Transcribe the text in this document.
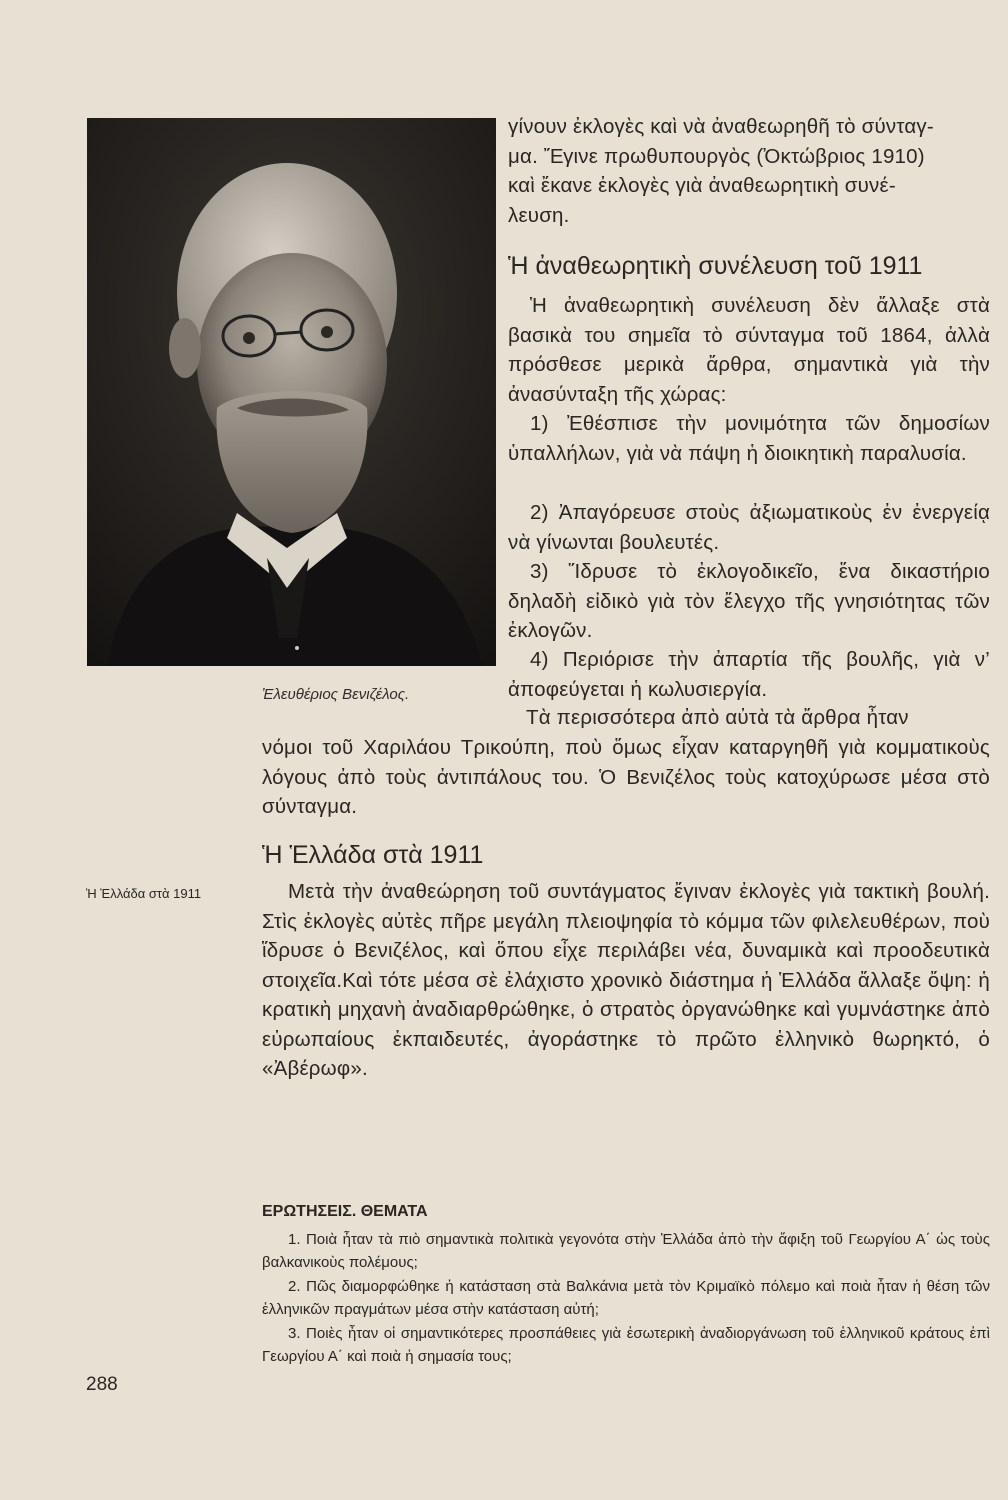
Ἐλευθέριος Βενιζέλος.

γίνουν ἐκλογὲς καὶ νὰ ἀναθεωρηθῆ τὸ σύνταγ-

μα. Ἔγινε πρωθυπουργὸς (Ὀκτώβριος 1910)

καὶ ἔκανε ἐκλογὲς γιὰ ἀναθεωρητικὴ συνέ-

λευση.

Ἡ ἀναθεωρητικὴ συνέλευση τοῦ 1911

Ἡ ἀναθεωρητικὴ συνέλευση δὲν ἄλλαξε στὰ βασικὰ του σημεῖα τὸ σύνταγμα τοῦ 1864, ἀλλὰ πρόσθεσε μερικὰ ἄρθρα, σημαντικὰ γιὰ τὴν ἀνασύνταξη τῆς χώρας:

1) Ἐθέσπισε τὴν μονιμότητα τῶν δημοσίων ὑπαλλήλων, γιὰ νὰ πάψη ἡ διοικητικὴ παραλυσία.

2) Ἀπαγόρευσε στοὺς ἀξιωματικοὺς ἐν ἐνεργείᾳ νὰ γίνωνται βουλευτές.

3) Ἵδρυσε τὸ ἐκλογοδικεῖο, ἕνα δικαστήριο δηλαδὴ εἰδικὸ γιὰ τὸν ἔλεγχο τῆς γνησιότητας τῶν ἐκλογῶν.

4) Περιόρισε τὴν ἀπαρτία τῆς βουλῆς, γιὰ ν’ ἀποφεύγεται ἡ κωλυσιεργία.

Τὰ περισσότερα ἀπὸ αὐτὰ τὰ ἄρθρα ἦταν

νόμοι τοῦ Χαριλάου Τρικούπη, ποὺ ὅμως εἶχαν καταργηθῆ γιὰ κομματικοὺς λόγους ἀπὸ τοὺς ἀντιπάλους του. Ὁ Βενιζέλος τοὺς κατοχύρωσε μέσα στὸ σύνταγμα.

Ἡ Ἑλλάδα στὰ 1911
Ἡ Ἑλλάδα στὰ 1911	Μετὰ τὴν ἀναθεώρηση τοῦ συντάγματος ἔγιναν ἐκλογὲς γιὰ τακτικὴ βουλή. Στὶς ἐκλογὲς αὐτὲς πῆρε μεγάλη πλειοψηφία τὸ κόμμα τῶν φιλελευθέρων, ποὺ ἵδρυσε ὁ Βενιζέλος, καὶ ὅπου εἶχε περιλάβει νέα, δυναμικὰ καὶ προοδευτικὰ στοιχεῖα.Καὶ τότε μέσα σὲ ἐλάχιστο χρονικὸ διάστημα ἡ Ἑλλάδα ἄλλαξε ὄψη: ἡ κρατικὴ μηχανὴ ἀναδιαρθρώθηκε, ὁ στρατὸς ὀργανώθηκε καὶ γυμνάστηκε ἀπὸ εὐρωπαίους ἐκπαιδευτές, ἀγοράστηκε τὸ πρῶτο ἑλληνικὸ θωρηκτό, ὁ «Ἀβέρωφ».

ΕΡΩΤΗΣΕΙΣ. ΘΕΜΑΤΑ

1. Ποιὰ ἦταν τὰ πιὸ σημαντικὰ πολιτικὰ γεγονότα στὴν Ἑλλάδα ἀπὸ τὴν ἄφιξη τοῦ Γεωργίου Α΄ ὡς τοὺς βαλκανικοὺς πολέμους;

2. Πῶς διαμορφώθηκε ἡ κατάσταση στὰ Βαλκάνια μετὰ τὸν Κριμαϊκὸ πόλεμο καὶ ποιὰ ἦταν ἡ θέση τῶν ἑλληνικῶν πραγμάτων μέσα στὴν κατάσταση αὐτή;

3. Ποιὲς ἦταν οἱ σημαντικότερες προσπάθειες γιὰ ἐσωτερικὴ ἀναδιοργάνωση τοῦ ἑλληνικοῦ κράτους ἐπὶ Γεωργίου Α΄ καὶ ποιὰ ἡ σημασία τους;

288
